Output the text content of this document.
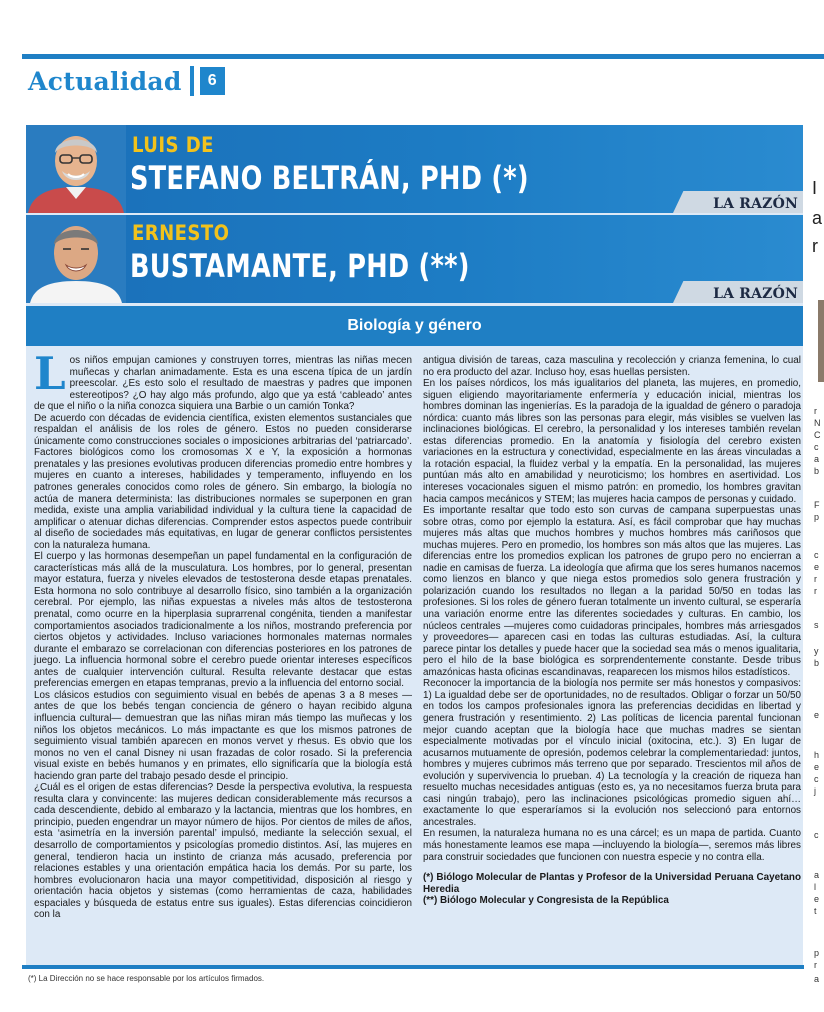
Actualidad	6
LUIS DE
STEFANO BELTRÁN, PHD (*)
LA RAZÓN
ERNESTO
BUSTAMANTE, PHD (**)
LA RAZÓN
Biología y género

Los niños empujan camiones y construyen torres, mientras las niñas mecen muñecas y charlan animadamente. Esta es una escena típica de un jardín preescolar. ¿Es esto solo el resultado de maestras y padres que imponen estereotipos? ¿O hay algo más profundo, algo que ya está ‘cableado’ antes de que el niño o la niña conozca siquiera una Barbie o un camión Tonka?

De acuerdo con décadas de evidencia científica, existen elementos sustanciales que respaldan el análisis de los roles de género. Estos no pueden considerarse únicamente como construcciones sociales o imposiciones arbitrarias del ‘patriarcado’. Factores biológicos como los cromosomas X e Y, la exposición a hormonas prenatales y las presiones evolutivas producen diferencias promedio entre hombres y mujeres en cuanto a intereses, habilidades y temperamento, influyendo en los patrones generales conocidos como roles de género. Sin embargo, la biología no actúa de manera determinista: las distribuciones normales se superponen en gran medida, existe una amplia variabilidad individual y la cultura tiene la capacidad de amplificar o atenuar dichas diferencias. Comprender estos aspectos puede contribuir al diseño de sociedades más equitativas, en lugar de generar conflictos persistentes con la naturaleza humana.

El cuerpo y las hormonas desempeñan un papel fundamental en la configuración de características más allá de la musculatura. Los hombres, por lo general, presentan mayor estatura, fuerza y niveles elevados de testosterona desde etapas prenatales. Esta hormona no solo contribuye al desarrollo físico, sino también a la organización cerebral. Por ejemplo, las niñas expuestas a niveles más altos de testosterona prenatal, como ocurre en la hiperplasia suprarrenal congénita, tienden a manifestar comportamientos asociados tradicionalmente a los niños, mostrando preferencia por ciertos objetos y actividades. Incluso variaciones hormonales maternas normales durante el embarazo se correlacionan con diferencias posteriores en los patrones de juego. La influencia hormonal sobre el cerebro puede orientar intereses específicos antes de cualquier intervención cultural. Resulta relevante destacar que estas preferencias emergen en etapas tempranas, previo a la influencia del entorno social.

Los clásicos estudios con seguimiento visual en bebés de apenas 3 a 8 meses — antes de que los bebés tengan conciencia de género o hayan recibido alguna influencia cultural— demuestran que las niñas miran más tiempo las muñecas y los niños los objetos mecánicos. Lo más impactante es que los mismos patrones de seguimiento visual también aparecen en monos vervet y rhesus. Es obvio que los monos no ven el canal Disney ni usan frazadas de color rosado. Si la preferencia visual existe en bebés humanos y en primates, ello significaría que la biología está haciendo gran parte del trabajo pesado desde el principio.

¿Cuál es el origen de estas diferencias? Desde la perspectiva evolutiva, la respuesta resulta clara y convincente: las mujeres dedican considerablemente más recursos a cada descendiente, debido al embarazo y la lactancia, mientras que los hombres, en principio, pueden engendrar un mayor número de hijos. Por cientos de miles de años, esta ‘asimetría en la inversión parental’ impulsó, mediante la selección sexual, el desarrollo de comportamientos y psicologías promedio distintos. Así, las mujeres en general, tendieron hacia un instinto de crianza más acusado, preferencia por relaciones estables y una orientación empática hacia los demás. Por su parte, los hombres evolucionaron hacia una mayor competitividad, disposición al riesgo y orientación hacia objetos y sistemas (como herramientas de caza, habilidades espaciales y búsqueda de estatus entre sus iguales). Estas diferencias coincidieron con la

antigua división de tareas, caza masculina y recolección y crianza femenina, lo cual no era producto del azar. Incluso hoy, esas huellas persisten.

En los países nórdicos, los más igualitarios del planeta, las mujeres, en promedio, siguen eligiendo mayoritariamente enfermería y educación inicial, mientras los hombres dominan las ingenierías. Es la paradoja de la igualdad de género o paradoja nórdica: cuanto más libres son las personas para elegir, más visibles se vuelven las inclinaciones biológicas. El cerebro, la personalidad y los intereses también revelan estas diferencias promedio. En la anatomía y fisiología del cerebro existen variaciones en la estructura y conectividad, especialmente en las áreas vinculadas a la rotación espacial, la fluidez verbal y la empatía. En la personalidad, las mujeres puntúan más alto en amabilidad y neuroticismo; los hombres en asertividad. Los intereses vocacionales siguen el mismo patrón: en promedio, los hombres gravitan hacia campos mecánicos y STEM; las mujeres hacia campos de personas y cuidado.

Es importante resaltar que todo esto son curvas de campana superpuestas unas sobre otras, como por ejemplo la estatura. Así, es fácil comprobar que hay muchas mujeres más altas que muchos hombres y muchos hombres más cariñosos que muchas mujeres. Pero en promedio, los hombres son más altos que las mujeres. Las diferencias entre los promedios explican los patrones de grupo pero no encierran a nadie en camisas de fuerza. La ideología que afirma que los seres humanos nacemos como lienzos en blanco y que niega estos promedios solo genera frustración y polarización cuando los resultados no llegan a la paridad 50/50 en todas las profesiones. Si los roles de género fueran totalmente un invento cultural, se esperaría una variación enorme entre las diferentes sociedades y culturas. En cambio, los núcleos centrales —mujeres como cuidadoras principales, hombres más arriesgados y proveedores— aparecen casi en todas las culturas estudiadas. Así, la cultura parece pintar los detalles y puede hacer que la sociedad sea más o menos igualitaria, pero el hilo de la base biológica es sorprendentemente constante. Desde tribus amazónicas hasta oficinas escandinavas, reaparecen los mismos hilos estadísticos.

Reconocer la importancia de la biología nos permite ser más honestos y compasivos: 1) La igualdad debe ser de oportunidades, no de resultados. Obligar o forzar un 50/50 en todos los campos profesionales ignora las preferencias decididas en libertad y genera frustración y resentimiento. 2) Las políticas de licencia parental funcionan mejor cuando aceptan que la biología hace que muchas madres se sientan especialmente motivadas por el vínculo inicial (oxitocina, etc.). 3) En lugar de acusarnos mutuamente de opresión, podemos celebrar la complementariedad: juntos, hombres y mujeres cubrimos más terreno que por separado. Trescientos mil años de evolución y supervivencia lo prueban. 4) La tecnología y la creación de riqueza han resuelto muchas necesidades antiguas (esto es, ya no necesitamos fuerza bruta para casi ningún trabajo), pero las inclinaciones psicológicas promedio siguen ahí… exactamente lo que esperaríamos si la evolución nos seleccionó para entornos ancestrales.

En resumen, la naturaleza humana no es una cárcel; es un mapa de partida. Cuanto más honestamente leamos ese mapa —incluyendo la biología—, seremos más libres para construir sociedades que funcionen con nuestra especie y no contra ella.

(*) Biólogo Molecular de Plantas y Profesor de la Universidad Peruana Cayetano Heredia

(**) Biólogo Molecular y Congresista de la República

(*) La Dirección no se hace responsable por los artículos firmados.
I
a
r
r
N
C
c
a
b
F
p
c
e
r
r
s
y
b
e
h
e
c
j
c
a
l
e
t
p
r
a
